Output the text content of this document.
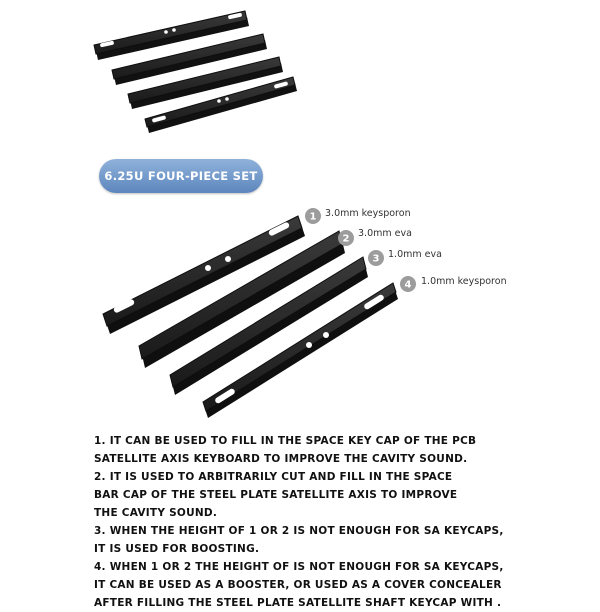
1 3.0mm keysporon
2 3.0mm eva
3 1.0mm eva
4 1.0mm keysporon
6.25U FOUR-PIECE SET

1. IT CAN BE USED TO FILL IN THE SPACE KEY CAP OF THE PCB

SATELLITE AXIS KEYBOARD TO IMPROVE THE CAVITY SOUND.

2. IT IS USED TO ARBITRARILY CUT AND FILL IN THE SPACE

BAR CAP OF THE STEEL PLATE SATELLITE AXIS TO IMPROVE

THE CAVITY SOUND.

3. WHEN THE HEIGHT OF 1 OR 2 IS NOT ENOUGH FOR SA KEYCAPS,

IT IS USED FOR BOOSTING.

4. WHEN 1 OR 2 THE HEIGHT OF IS NOT ENOUGH FOR SA KEYCAPS,

IT CAN BE USED AS A BOOSTER, OR USED AS A COVER CONCEALER

AFTER FILLING THE STEEL PLATE SATELLITE SHAFT KEYCAP WITH .
